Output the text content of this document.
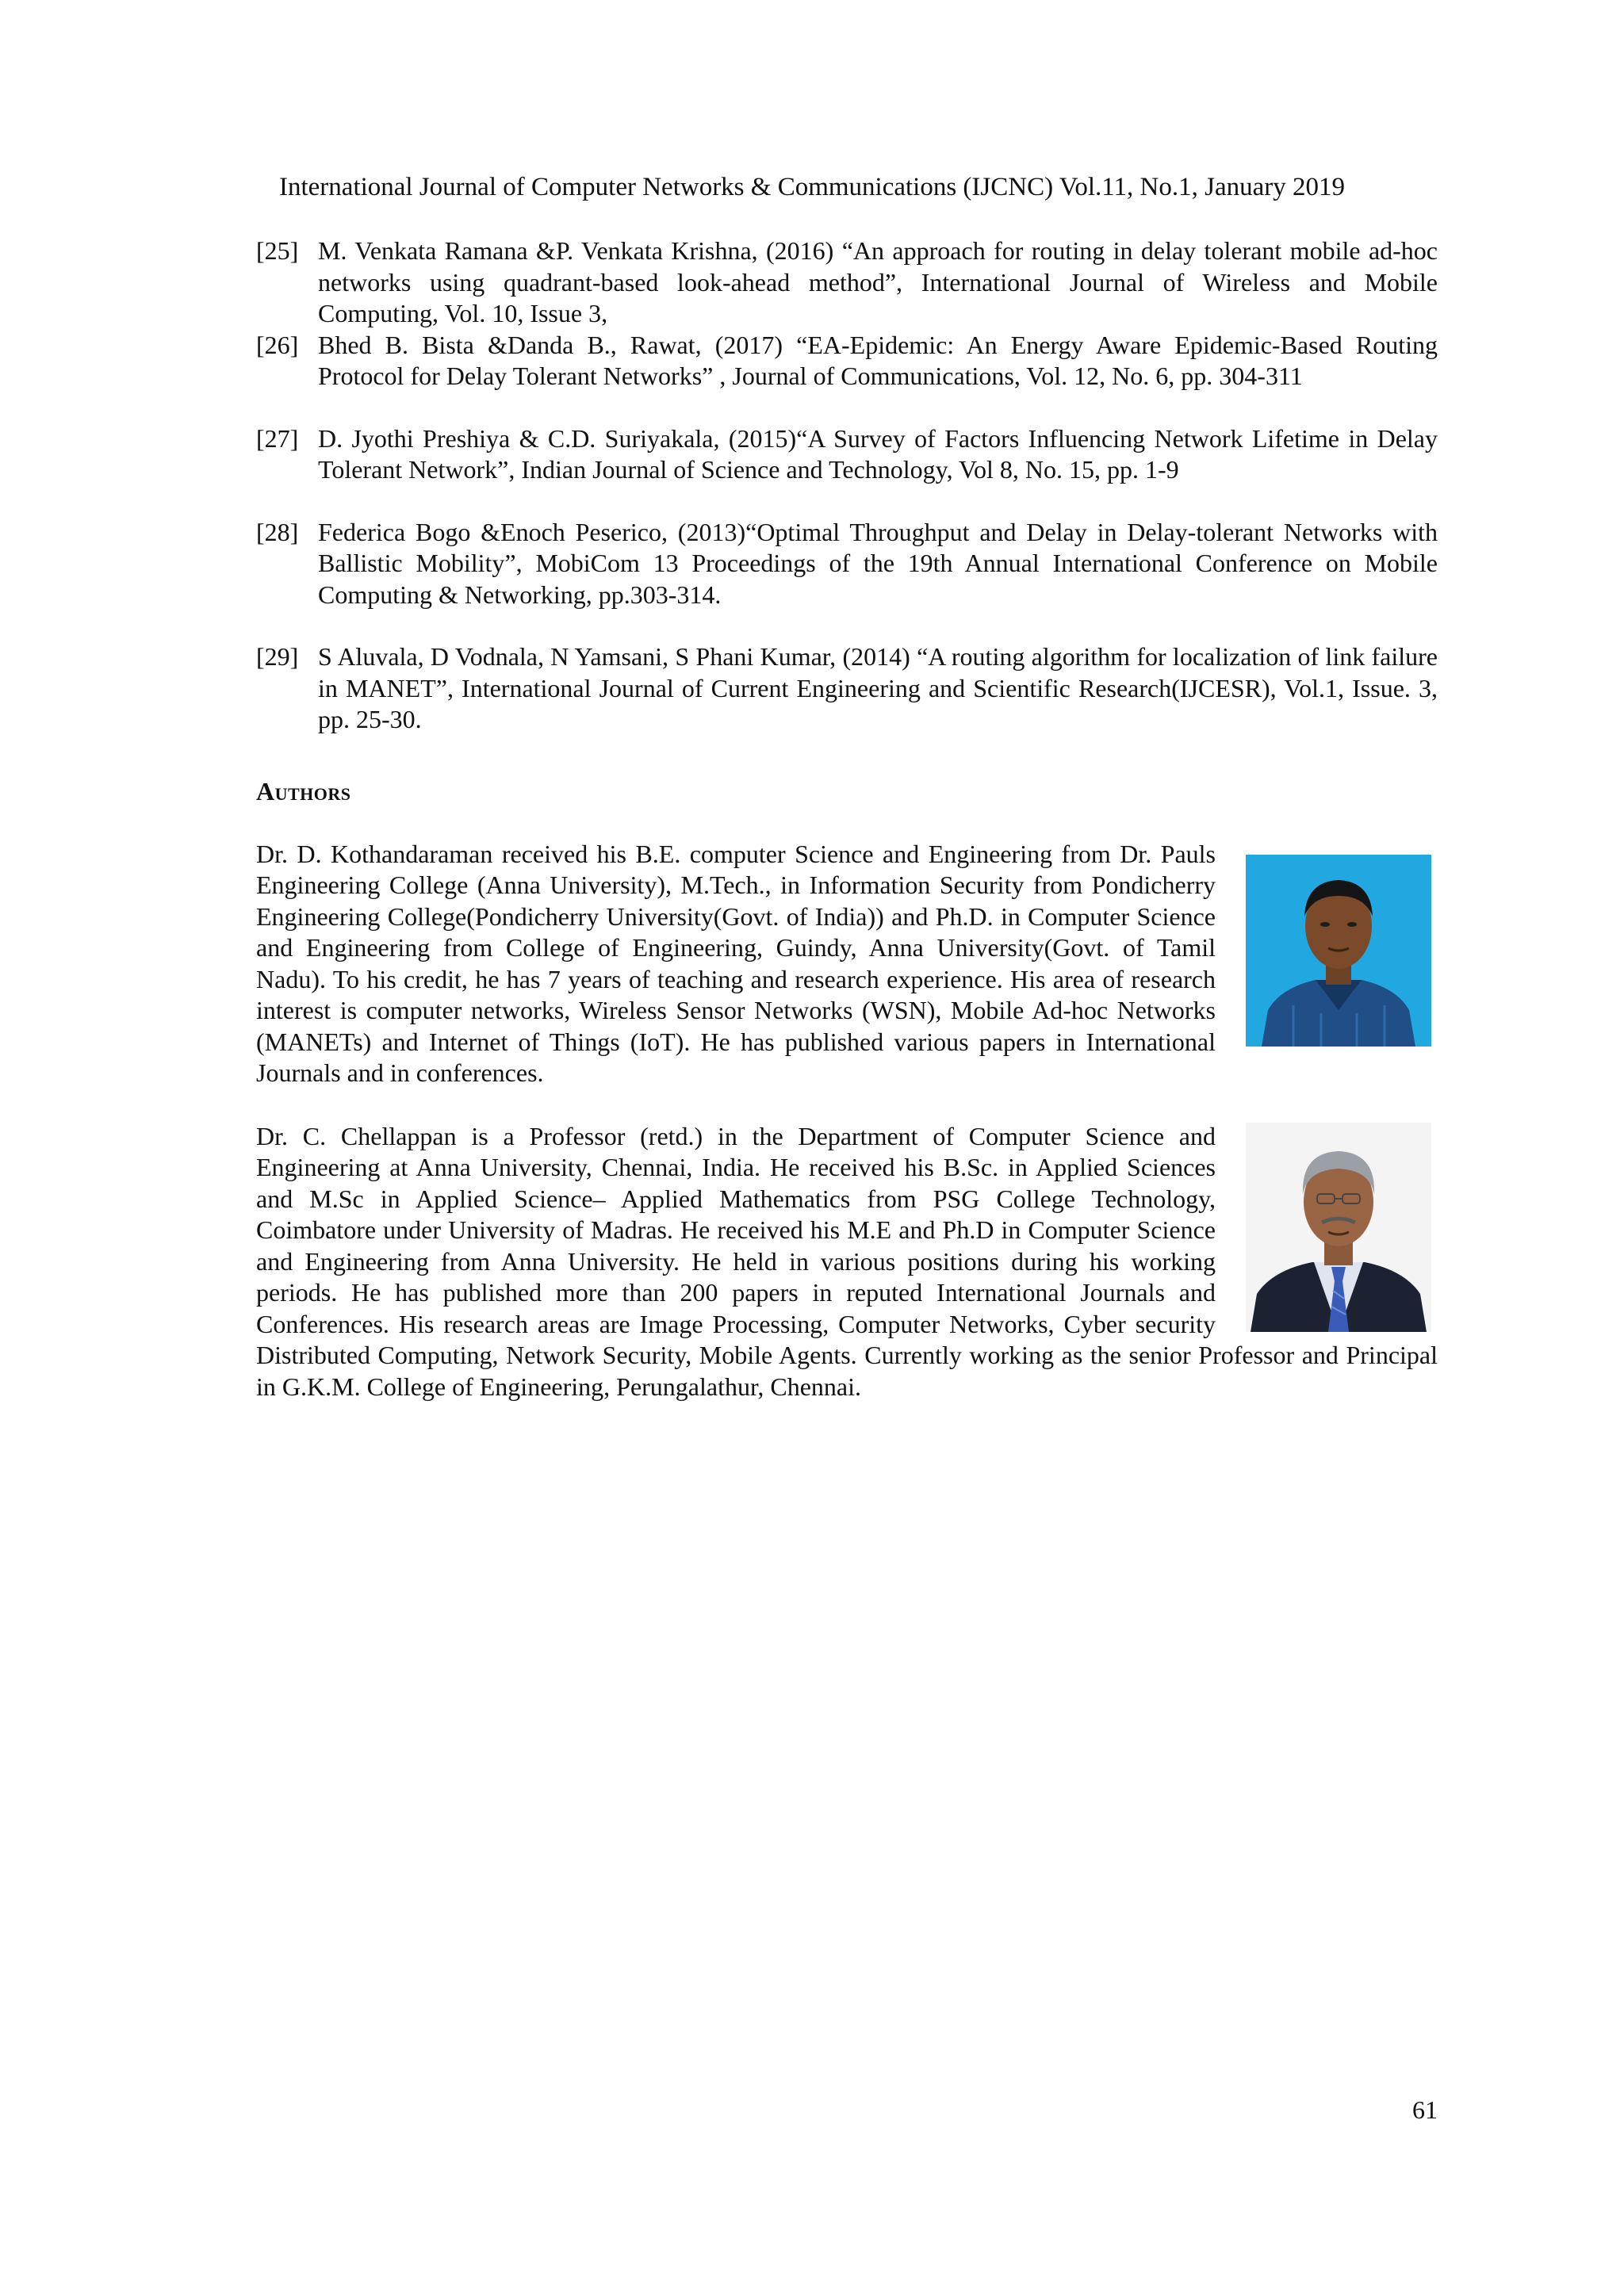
International Journal of Computer Networks & Communications (IJCNC) Vol.11, No.1, January 2019
[25] M. Venkata Ramana &P. Venkata Krishna, (2016) “An approach for routing in delay tolerant mobile ad-hoc networks using quadrant-based look-ahead method”, International Journal of Wireless and Mobile Computing, Vol. 10, Issue 3,
[26] Bhed B. Bista &Danda B., Rawat, (2017) “EA-Epidemic: An Energy Aware Epidemic-Based Routing Protocol for Delay Tolerant Networks” , Journal of Communications, Vol. 12, No. 6, pp. 304-311
[27] D. Jyothi Preshiya & C.D. Suriyakala, (2015)“A Survey of Factors Influencing Network Lifetime in Delay Tolerant Network”, Indian Journal of Science and Technology, Vol 8, No. 15, pp. 1-9
[28] Federica Bogo &Enoch Peserico, (2013)“Optimal Throughput and Delay in Delay-tolerant Networks with Ballistic Mobility”, MobiCom 13 Proceedings of the 19th Annual International Conference on Mobile Computing & Networking, pp.303-314.
[29] S Aluvala, D Vodnala, N Yamsani, S Phani Kumar, (2014) “A routing algorithm for localization of link failure in MANET”, International Journal of Current Engineering and Scientific Research(IJCESR), Vol.1, Issue. 3, pp. 25-30.
Authors

Dr. D. Kothandaraman received his B.E. computer Science and Engineering from Dr. Pauls Engineering College (Anna University), M.Tech., in Information Security from Pondicherry Engineering College(Pondicherry University(Govt. of India)) and Ph.D. in Computer Science and Engineering from College of Engineering, Guindy, Anna University(Govt. of Tamil Nadu). To his credit, he has 7 years of teaching and research experience. His area of research interest is computer networks, Wireless Sensor Networks (WSN), Mobile Ad-hoc Networks (MANETs) and Internet of Things (IoT). He has published various papers in International Journals and in conferences.

Dr. C. Chellappan is a Professor (retd.) in the Department of Computer Science and Engineering at Anna University, Chennai, India. He received his B.Sc. in Applied Sciences and M.Sc in Applied Science– Applied Mathematics from PSG College Technology, Coimbatore under University of Madras. He received his M.E and Ph.D in Computer Science and Engineering from Anna University. He held in various positions during his working periods. He has published more than 200 papers in reputed International Journals and Conferences. His research areas are Image Processing, Computer Networks, Cyber security Distributed Computing, Network Security, Mobile Agents. Currently working as the senior Professor and Principal in G.K.M. College of Engineering, Perungalathur, Chennai.

61
